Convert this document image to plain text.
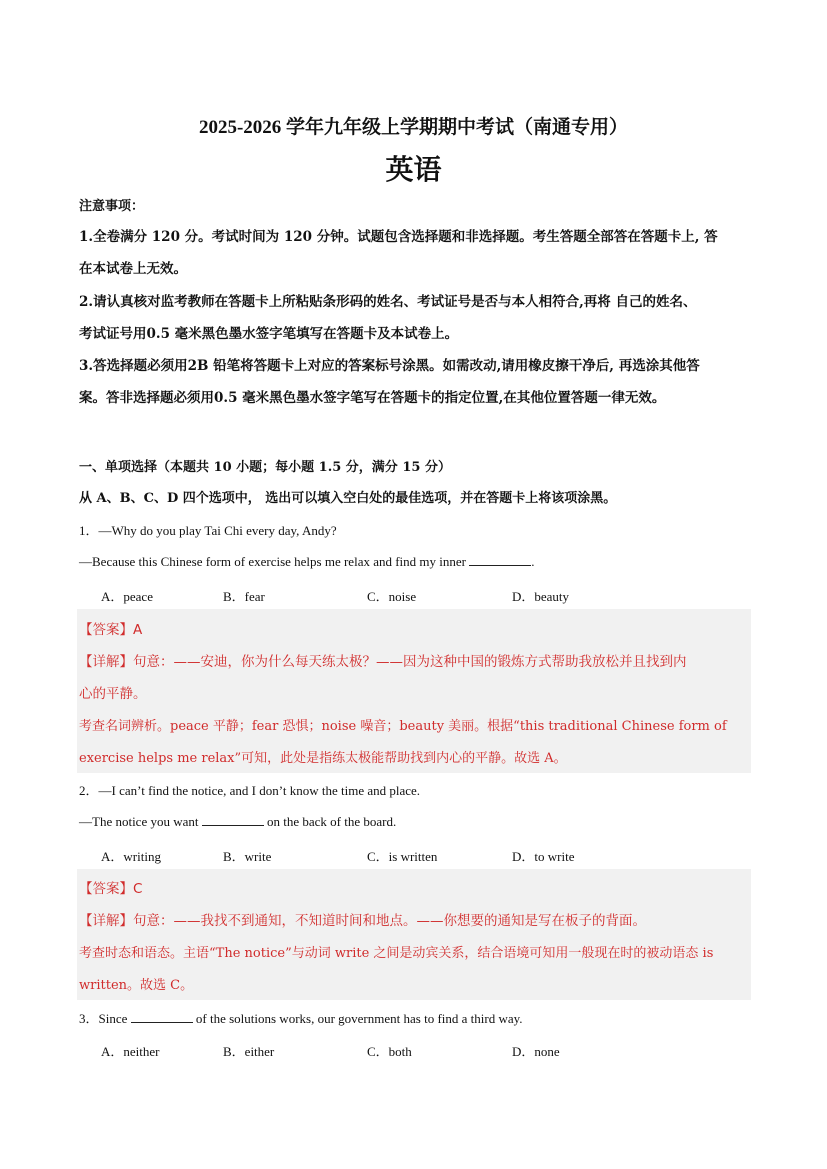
2025-2026 学年九年级上学期期中考试（南通专用）
英语
注意事项：
1.全卷满分 120 分。考试时间为 120 分钟。试题包含选择题和非选择题。考生答题全部答在答题卡上, 答
在本试卷上无效。
2.请认真核对监考教师在答题卡上所粘贴条形码的姓名、考试证号是否与本人相符合,再将 自己的姓名、
考试证号用0.5 毫米黑色墨水签字笔填写在答题卡及本试卷上。
3.答选择题必须用2B 铅笔将答题卡上对应的答案标号涂黑。如需改动,请用橡皮擦干净后, 再选涂其他答
案。答非选择题必须用0.5 毫米黑色墨水签字笔写在答题卡的指定位置,在其他位置答题一律无效。
一、单项选择（本题共 10 小题；每小题 1.5 分，满分 15 分）
从 A、B、C、D 四个选项中， 选出可以填入空白处的最佳选项，并在答题卡上将该项涂黑。
1．—Why do you play Tai Chi every day, Andy?
—Because this Chinese form of exercise helps me relax and find my inner	.
A．peace	B．fear	C．noise	D．beauty
【答案】A
【详解】句意：——安迪，你为什么每天练太极？——因为这种中国的锻炼方式帮助我放松并且找到内
心的平静。
考查名词辨析。peace 平静；fear 恐惧；noise 噪音；beauty 美丽。根据“this traditional Chinese form of
exercise helps me relax”可知，此处是指练太极能帮助找到内心的平静。故选 A。
2．—I can’t find the notice, and I don’t know the time and place.
—The notice you want	on the back of the board.
A．writing	B．write	C．is written	D．to write
【答案】C
【详解】句意：——我找不到通知，不知道时间和地点。——你想要的通知是写在板子的背面。
考查时态和语态。主语“The notice”与动词 write 之间是动宾关系，结合语境可知用一般现在时的被动语态 is
written。故选 C。
3．Since	of the solutions works, our government has to find a third way.
A．neither	B．either	C．both	D．none
